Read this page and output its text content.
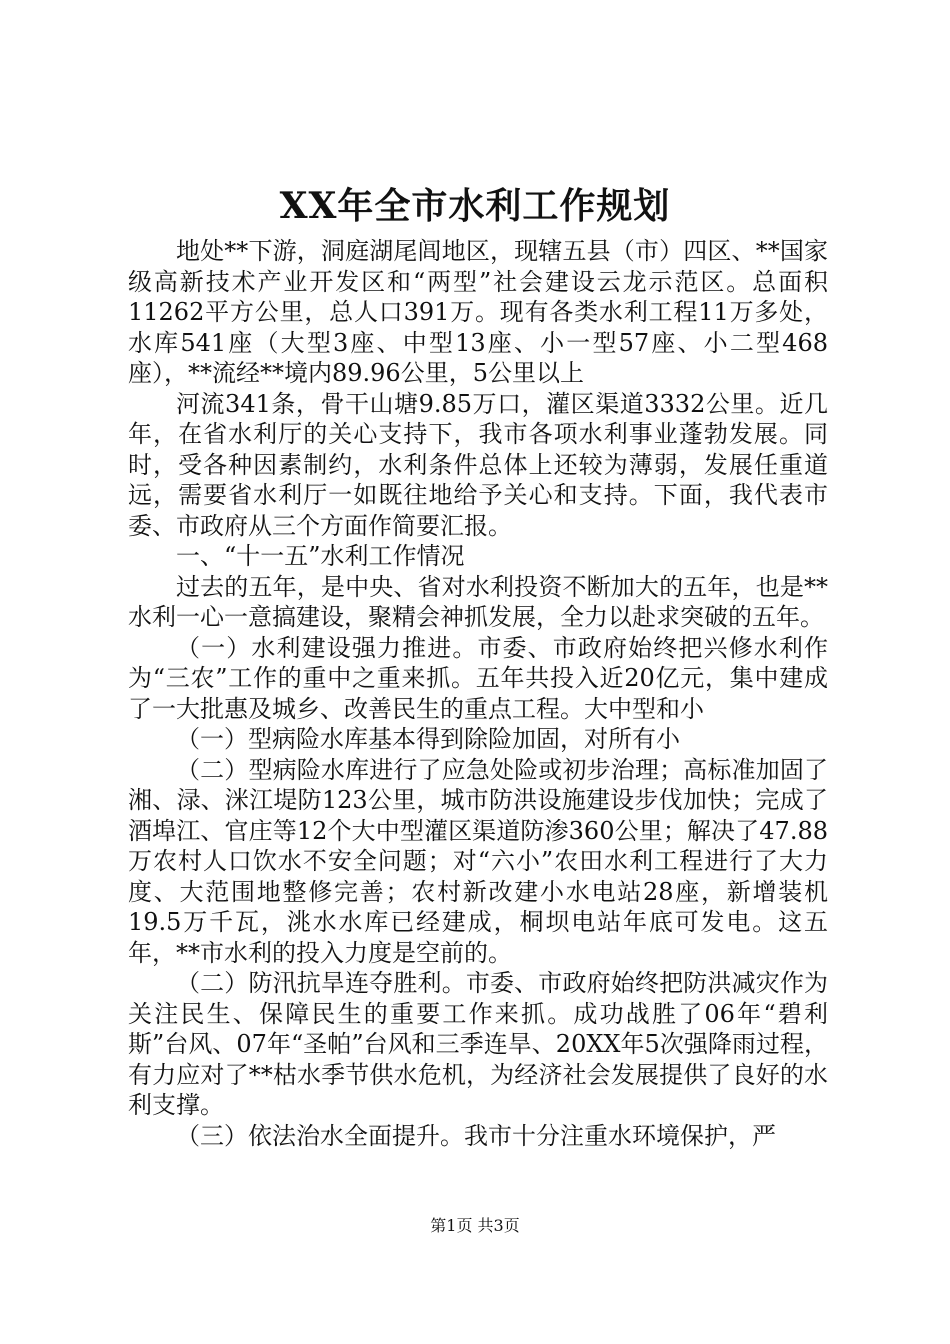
XX年全市水利工作规划

地处**下游，洞庭湖尾闾地区，现辖五县（市）四区、**国家级高新技术产业开发区和“两型”社会建设云龙示范区。总面积11262平方公里，总人口391万。现有各类水利工程11万多处，水库541座（大型3座、中型13座、小一型57座、小二型468座），**流经**境内89.96公里，5公里以上

河流341条，骨干山塘9.85万口，灌区渠道3332公里。近几年，在省水利厅的关心支持下，我市各项水利事业蓬勃发展。同时，受各种因素制约，水利条件总体上还较为薄弱，发展任重道远，需要省水利厅一如既往地给予关心和支持。下面，我代表市委、市政府从三个方面作简要汇报。

一、“十一五”水利工作情况

过去的五年，是中央、省对水利投资不断加大的五年，也是**水利一心一意搞建设，聚精会神抓发展，全力以赴求突破的五年。

（一）水利建设强力推进。市委、市政府始终把兴修水利作为“三农”工作的重中之重来抓。五年共投入近20亿元，集中建成了一大批惠及城乡、改善民生的重点工程。大中型和小

（一）型病险水库基本得到除险加固，对所有小

（二）型病险水库进行了应急处险或初步治理；高标准加固了湘、渌、洣江堤防123公里，城市防洪设施建设步伐加快；完成了酒埠江、官庄等12个大中型灌区渠道防渗360公里；解决了47.88万农村人口饮水不安全问题；对“六小”农田水利工程进行了大力度、大范围地整修完善；农村新改建小水电站28座，新增装机19.5万千瓦，洮水水库已经建成，桐坝电站年底可发电。这五年，**市水利的投入力度是空前的。

（二）防汛抗旱连夺胜利。市委、市政府始终把防洪减灾作为关注民生、保障民生的重要工作来抓。成功战胜了06年“碧利斯”台风、07年“圣帕”台风和三季连旱、20XX年5次强降雨过程，有力应对了**枯水季节供水危机，为经济社会发展提供了良好的水利支撑。

（三）依法治水全面提升。我市十分注重水环境保护，严

第1页 共3页
